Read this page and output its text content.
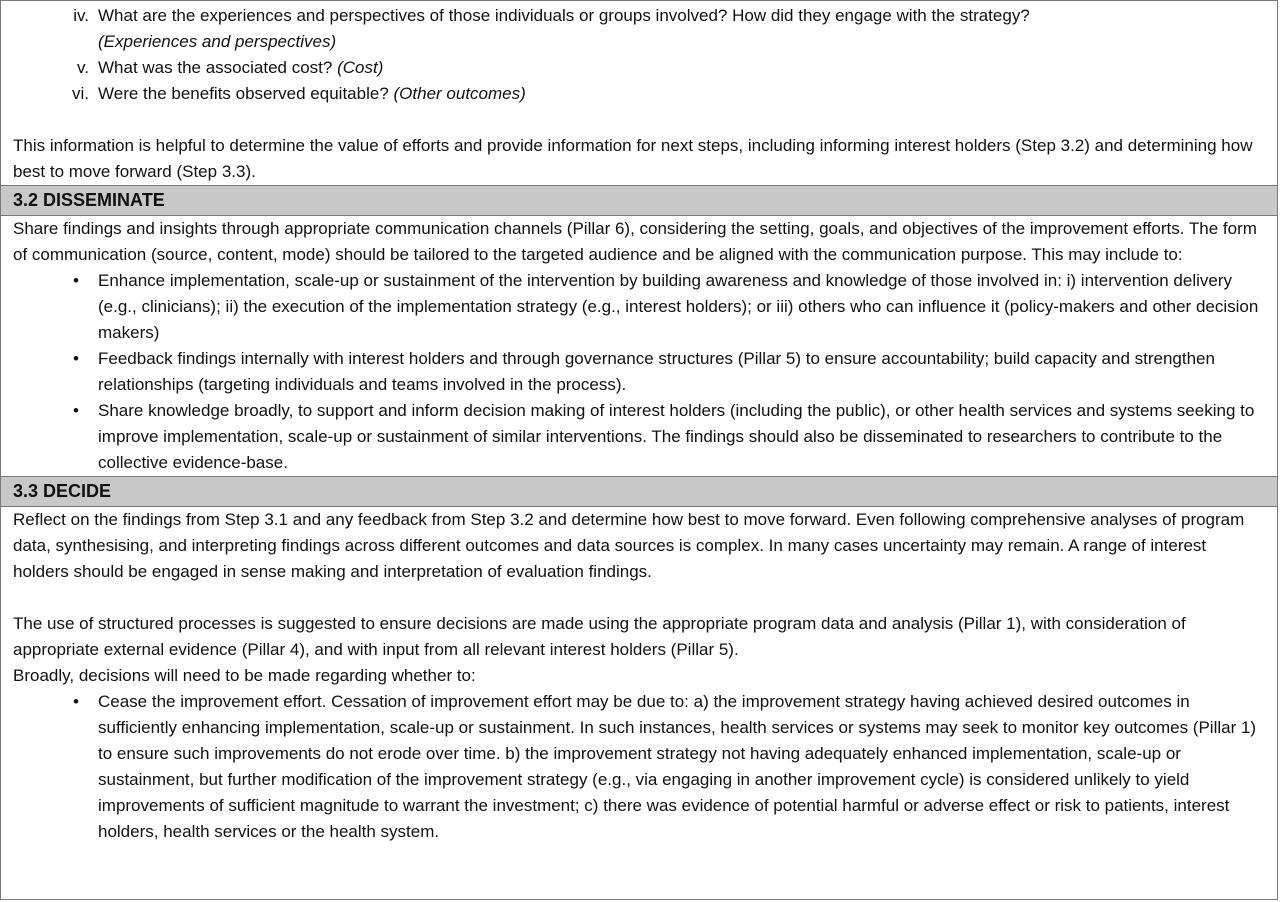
iv. What are the experiences and perspectives of those individuals or groups involved? How did they engage with the strategy?
(Experiences and perspectives)
v. What was the associated cost? (Cost)
vi. Were the benefits observed equitable? (Other outcomes)

This information is helpful to determine the value of efforts and provide information for next steps, including informing interest holders (Step 3.2) and determining how best to move forward (Step 3.3).

3.2 DISSEMINATE

Share findings and insights through appropriate communication channels (Pillar 6), considering the setting, goals, and objectives of the improvement efforts. The form of communication (source, content, mode) should be tailored to the targeted audience and be aligned with the communication purpose. This may include to:

• Enhance implementation, scale-up or sustainment of the intervention by building awareness and knowledge of those involved in: i) intervention delivery (e.g., clinicians); ii) the execution of the implementation strategy (e.g., interest holders); or iii) others who can influence it (policy-makers and other decision makers)
• Feedback findings internally with interest holders and through governance structures (Pillar 5) to ensure accountability; build capacity and strengthen relationships (targeting individuals and teams involved in the process).
• Share knowledge broadly, to support and inform decision making of interest holders (including the public), or other health services and systems seeking to improve implementation, scale-up or sustainment of similar interventions. The findings should also be disseminated to researchers to contribute to the collective evidence-base.
3.3 DECIDE

Reflect on the findings from Step 3.1 and any feedback from Step 3.2 and determine how best to move forward. Even following comprehensive analyses of program data, synthesising, and interpreting findings across different outcomes and data sources is complex. In many cases uncertainty may remain. A range of interest holders should be engaged in sense making and interpretation of evaluation findings.

The use of structured processes is suggested to ensure decisions are made using the appropriate program data and analysis (Pillar 1), with consideration of appropriate external evidence (Pillar 4), and with input from all relevant interest holders (Pillar 5).

Broadly, decisions will need to be made regarding whether to:

• Cease the improvement effort. Cessation of improvement effort may be due to: a) the improvement strategy having achieved desired outcomes in sufficiently enhancing implementation, scale-up or sustainment. In such instances, health services or systems may seek to monitor key outcomes (Pillar 1) to ensure such improvements do not erode over time. b) the improvement strategy not having adequately enhanced implementation, scale-up or sustainment, but further modification of the improvement strategy (e.g., via engaging in another improvement cycle) is considered unlikely to yield improvements of sufficient magnitude to warrant the investment; c) there was evidence of potential harmful or adverse effect or risk to patients, interest holders, health services or the health system.
